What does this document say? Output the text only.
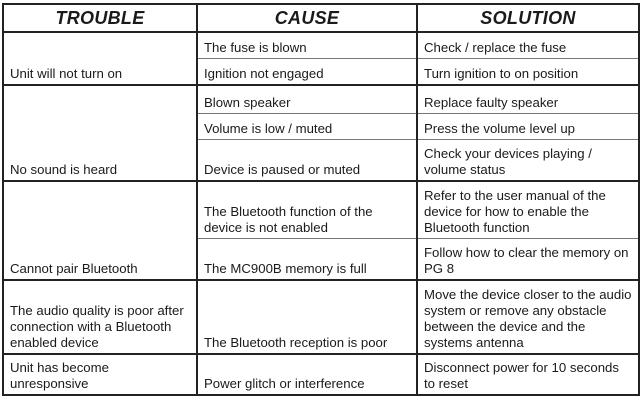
TROUBLE	CAUSE	SOLUTION
Unit will not turn on	The fuse is blown	Check / replace the fuse
	Ignition not engaged	Turn ignition to on position
No sound is heard	Blown speaker	Replace faulty speaker
	Volume is low / muted	Press the volume level up
	Device is paused or muted	Check your devices playing / volume status
Cannot pair Bluetooth	The Bluetooth function of the device is not enabled	Refer to the user manual of the device for how to enable the Bluetooth function
	The MC900B memory is full	Follow how to clear the memory on PG 8
The audio quality is poor after connection with a Bluetooth enabled device	The Bluetooth reception is poor	Move the device closer to the audio system or remove any obstacle between the device and the systems antenna
Unit has become unresponsive	Power glitch or interference	Disconnect power for 10 seconds to reset
